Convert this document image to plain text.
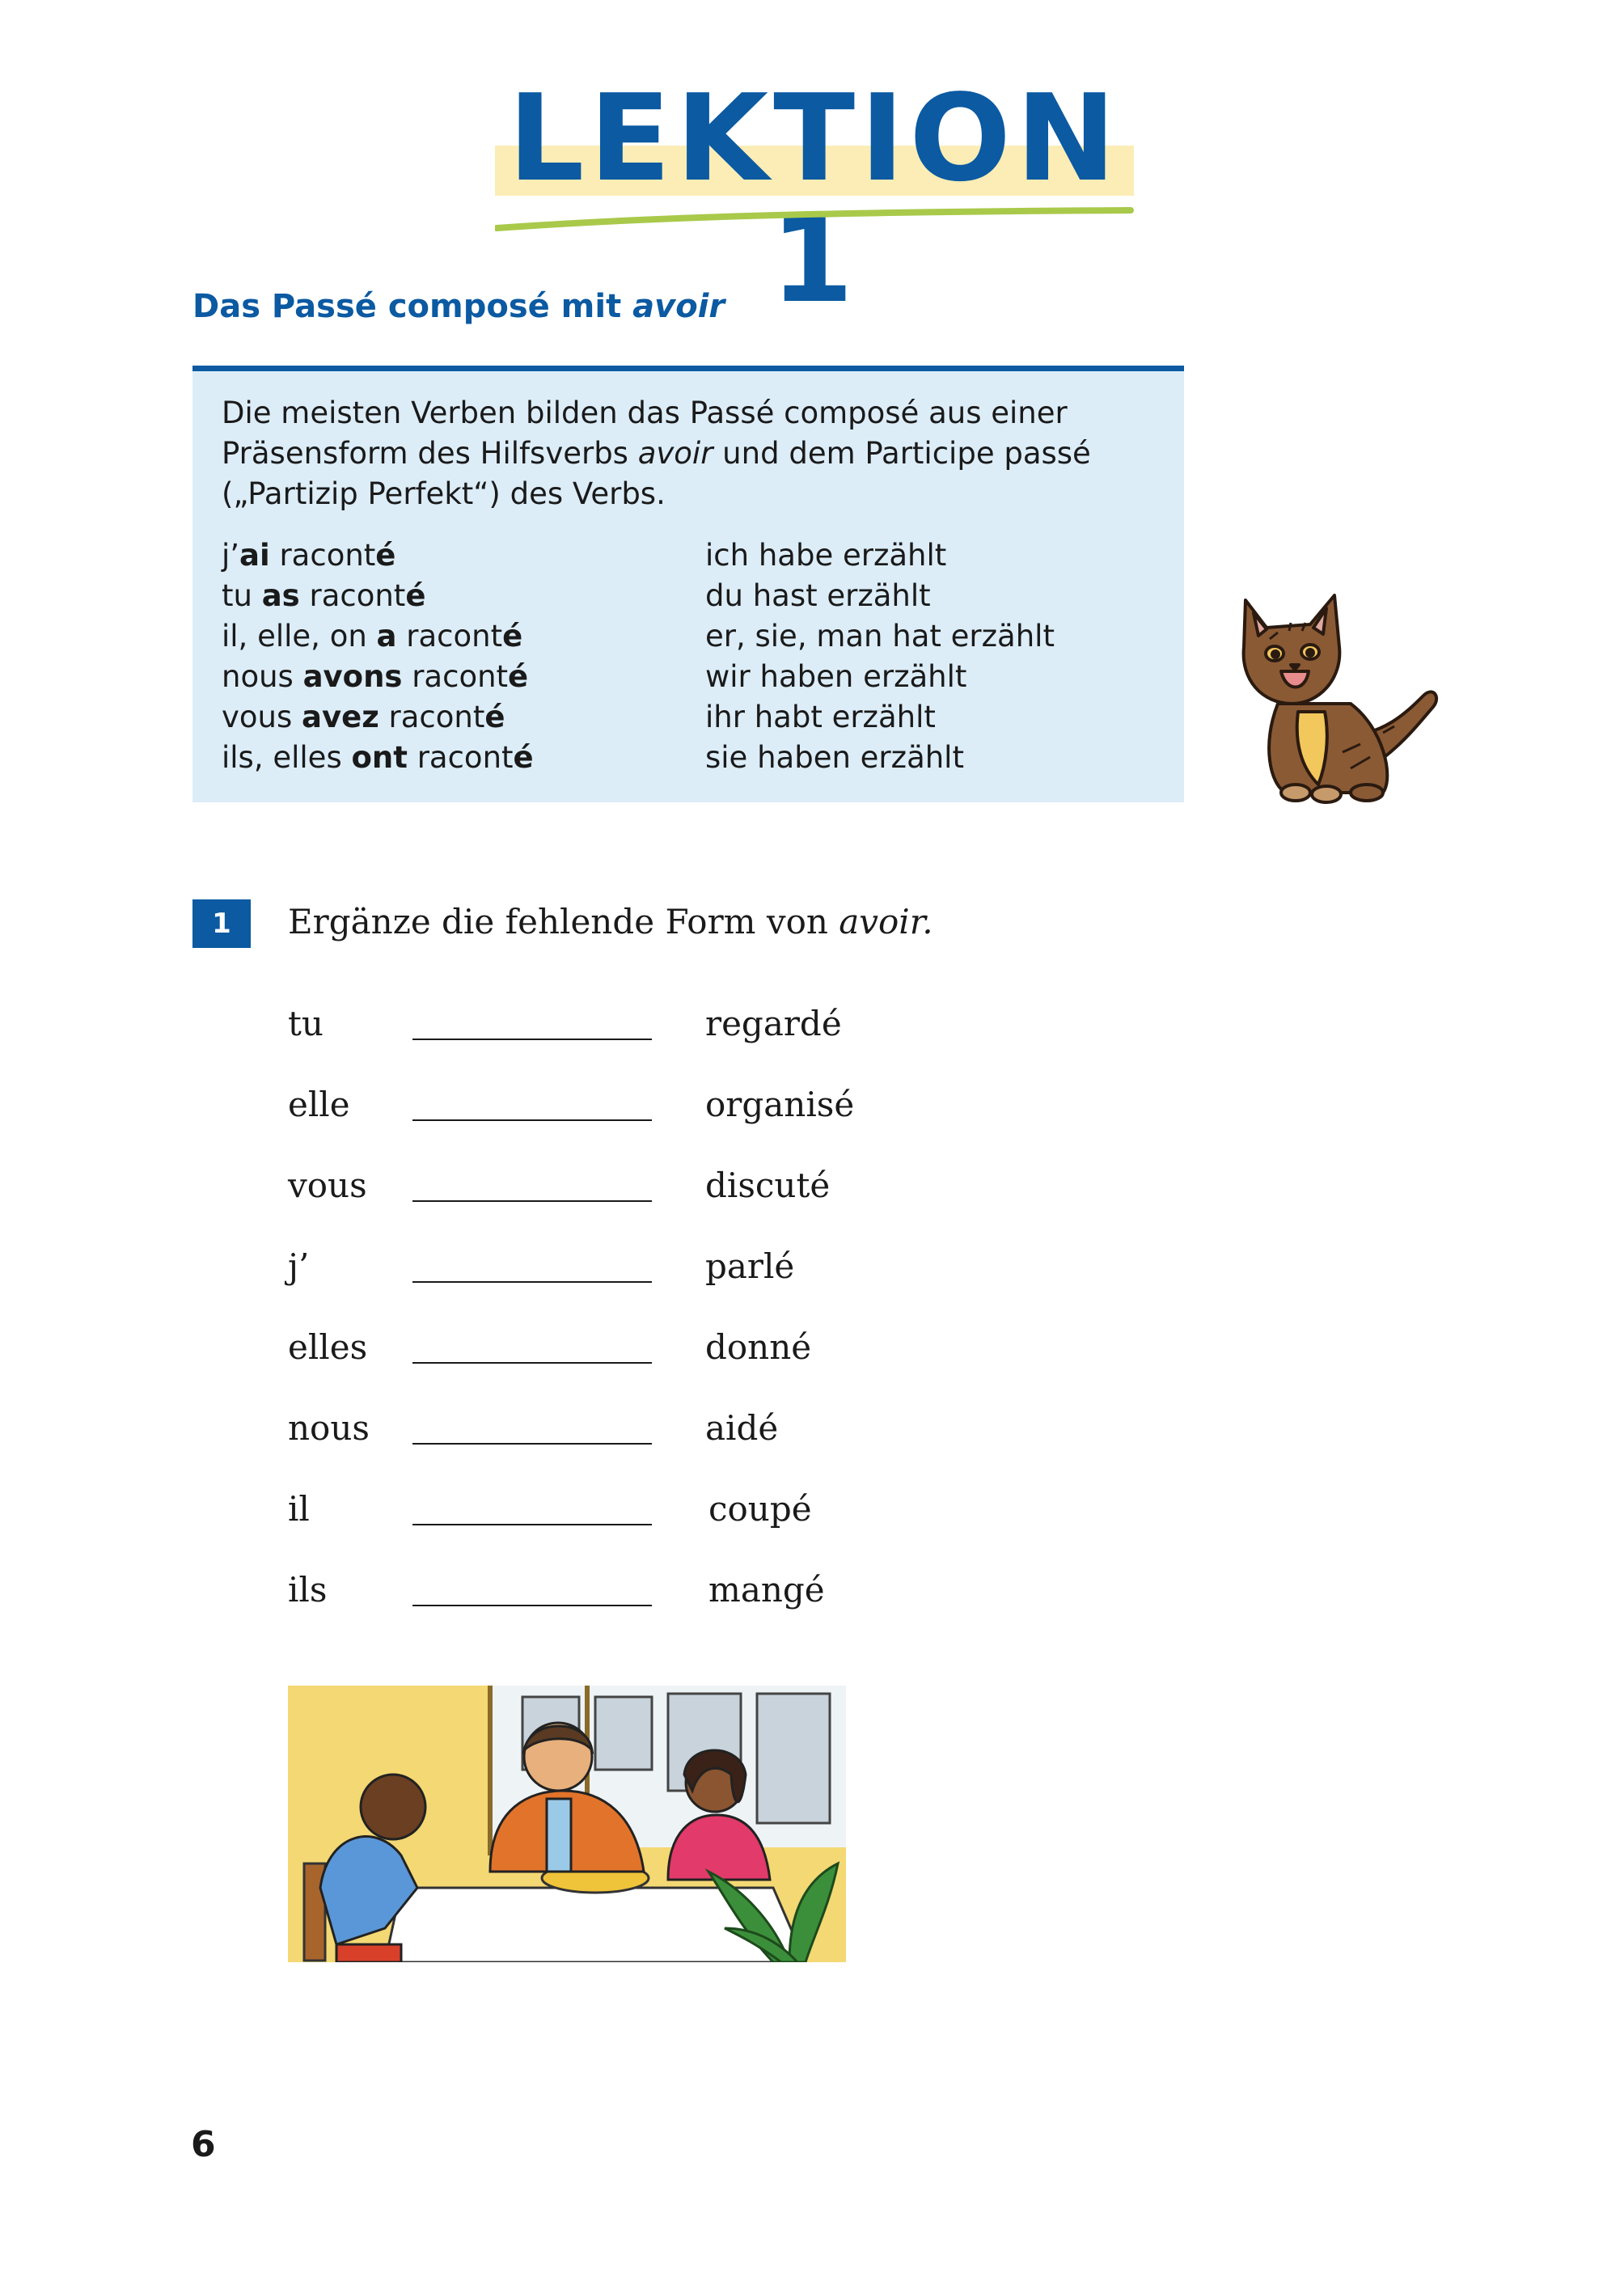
LEKTION 1
Das Passé composé mit avoir
Die meisten Verben bilden das Passé composé aus einer
Präsensform des Hilfsverbs avoir und dem Participe passé
(„Partizip Perfekt“) des Verbs.
j’ai raconté	ich habe erzählt
tu as raconté	du hast erzählt
il, elle, on a raconté	er, sie, man hat erzählt
nous avons raconté	wir haben erzählt
vous avez raconté	ihr habt erzählt
ils, elles ont raconté	sie haben erzählt
1	Ergänze die fehlende Form von avoir.
tu	regardé
elle	organisé
vous	discuté
j’	parlé
elles	donné
nous	aidé
il	coupé
ils	mangé
6
